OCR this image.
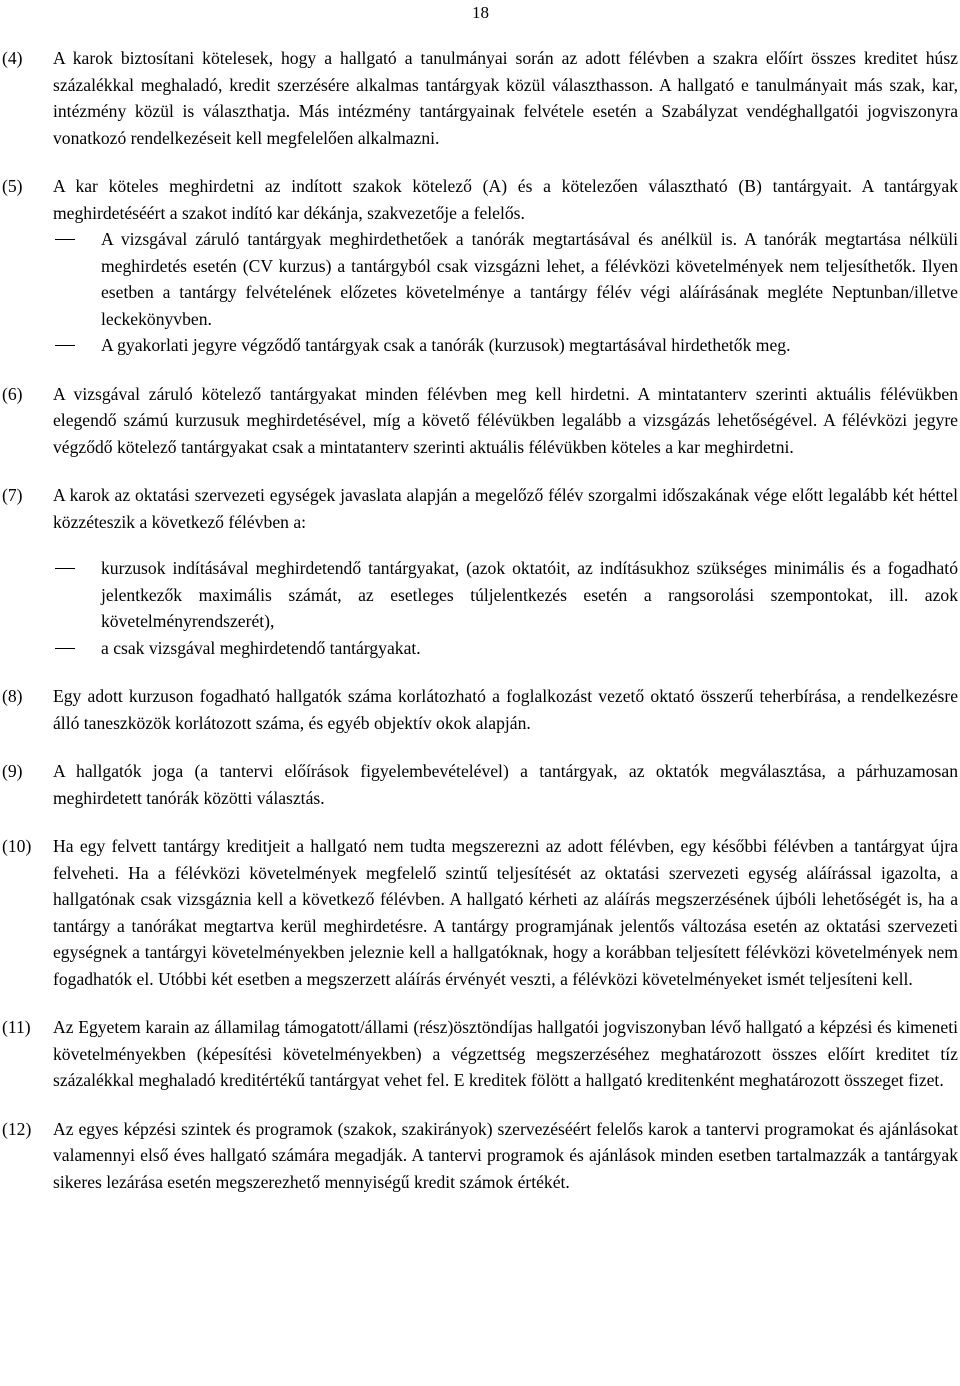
18
(4)	A karok biztosítani kötelesek, hogy a hallgató a tanulmányai során az adott félévben a szakra előírt összes kreditet húsz százalékkal meghaladó, kredit szerzésére alkalmas tantárgyak közül választhasson. A hallgató e tanulmányait más szak, kar, intézmény közül is választhatja. Más intézmény tantárgyainak felvétele esetén a Szabályzat vendéghallgatói jogviszonyra vonatkozó rendelkezéseit kell megfelelően alkalmazni.

(5)	A kar köteles meghirdetni az indított szakok kötelező (A) és a kötelezően választható (B) tantárgyait. A tantárgyak meghirdetéséért a szakot indító kar dékánja, szakvezetője a felelős.

A vizsgával záruló tantárgyak meghirdethetőek a tanórák megtartásával és anélkül is. A tanórák megtartása nélküli meghirdetés esetén (CV kurzus) a tantárgyból csak vizsgázni lehet, a félévközi követelmények nem teljesíthetők. Ilyen esetben a tantárgy felvételének előzetes követelménye a tantárgy félév végi aláírásának megléte Neptunban/illetve leckekönyvben.
A gyakorlati jegyre végződő tantárgyak csak a tanórák (kurzusok) megtartásával hirdethetők meg.
(6)	A vizsgával záruló kötelező tantárgyakat minden félévben meg kell hirdetni. A mintatanterv szerinti aktuális félévükben elegendő számú kurzusuk meghirdetésével, míg a követő félévükben legalább a vizsgázás lehetőségével. A félévközi jegyre végződő kötelező tantárgyakat csak a mintatanterv szerinti aktuális félévükben köteles a kar meghirdetni.

(7)	A karok az oktatási szervezeti egységek javaslata alapján a megelőző félév szorgalmi időszakának vége előtt legalább két héttel közzéteszik a következő félévben a:

kurzusok indításával meghirdetendő tantárgyakat, (azok oktatóit, az indításukhoz szükséges minimális és a fogadható jelentkezők maximális számát, az esetleges túljelentkezés esetén a rangsorolási szempontokat, ill. azok követelményrendszerét),
a csak vizsgával meghirdetendő tantárgyakat.
(8)	Egy adott kurzuson fogadható hallgatók száma korlátozható a foglalkozást vezető oktató összerű teherbírása, a rendelkezésre álló taneszközök korlátozott száma, és egyéb objektív okok alapján.

(9)	A hallgatók joga (a tantervi előírások figyelembevételével) a tantárgyak, az oktatók megválasztása, a párhuzamosan meghirdetett tanórák közötti választás.

(10)	Ha egy felvett tantárgy kreditjeit a hallgató nem tudta megszerezni az adott félévben, egy későbbi félévben a tantárgyat újra felveheti. Ha a félévközi követelmények megfelelő szintű teljesítését az oktatási szervezeti egység aláírással igazolta, a hallgatónak csak vizsgáznia kell a következő félévben. A hallgató kérheti az aláírás megszerzésének újbóli lehetőségét is, ha a tantárgy a tanórákat megtartva kerül meghirdetésre. A tantárgy programjának jelentős változása esetén az oktatási szervezeti egységnek a tantárgyi követelményekben jeleznie kell a hallgatóknak, hogy a korábban teljesített félévközi követelmények nem fogadhatók el. Utóbbi két esetben a megszerzett aláírás érvényét veszti, a félévközi követelményeket ismét teljesíteni kell.

(11)	Az Egyetem karain az államilag támogatott/állami (rész)ösztöndíjas hallgatói jogviszonyban lévő hallgató a képzési és kimeneti követelményekben (képesítési követelményekben) a végzettség megszerzéséhez meghatározott összes előírt kreditet tíz százalékkal meghaladó kreditértékű tantárgyat vehet fel. E kreditek fölött a hallgató kreditenként meghatározott összeget fizet.

(12)	Az egyes képzési szintek és programok (szakok, szakirányok) szervezéséért felelős karok a tantervi programokat és ajánlásokat valamennyi első éves hallgató számára megadják. A tantervi programok és ajánlások minden esetben tartalmazzák a tantárgyak sikeres lezárása esetén megszerezhető mennyiségű kredit számok értékét.
